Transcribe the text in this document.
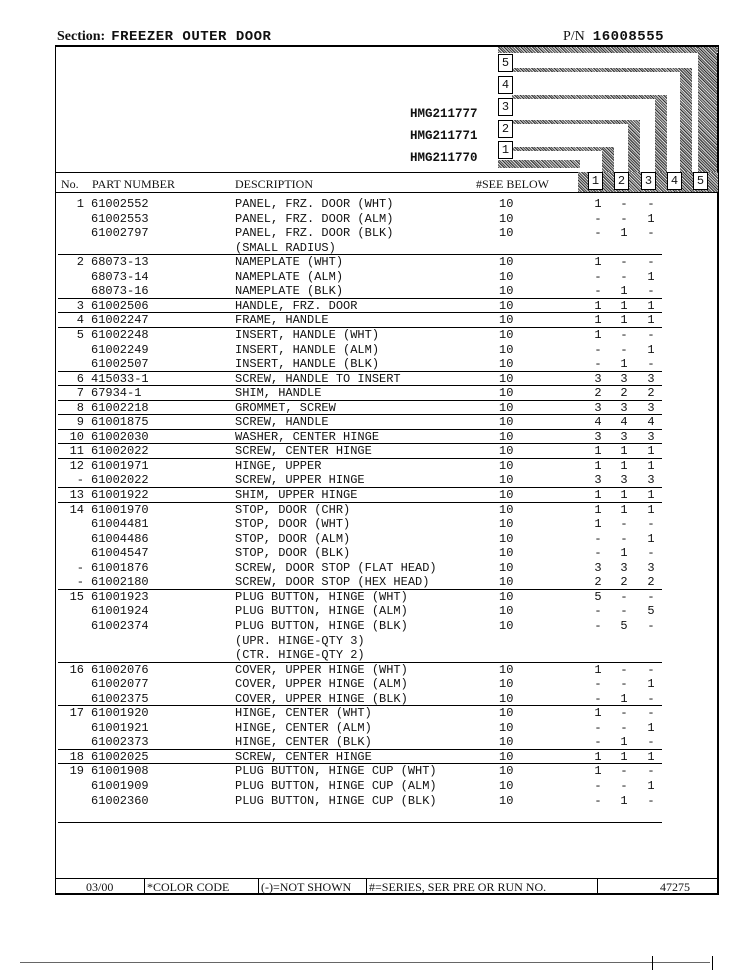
Section: FREEZER OUTER DOOR	P/N 16008555
5
4
3
2
1
HMG211777
HMG211771
HMG211770
No. PART NUMBER	DESCRIPTION	#SEE BELOW	1	2	3	4	5
1 61002552	PANEL, FRZ. DOOR (WHT)	10	1 - -
61002553	PANEL, FRZ. DOOR (ALM)	10	- - 1
61002797	PANEL, FRZ. DOOR (BLK)	10	- 1 -
(SMALL RADIUS)
2 68073-13	NAMEPLATE (WHT)	10	1 - -
68073-14	NAMEPLATE (ALM)	10	- - 1
68073-16	NAMEPLATE (BLK)	10	- 1 -
3 61002506	HANDLE, FRZ. DOOR	10	1 1 1
4 61002247	FRAME, HANDLE	10	1 1 1
5 61002248	INSERT, HANDLE (WHT)	10	1 - -
61002249	INSERT, HANDLE (ALM)	10	- - 1
61002507	INSERT, HANDLE (BLK)	10	- 1 -
6 415033-1	SCREW, HANDLE TO INSERT	10	3 3 3
7 67934-1	SHIM, HANDLE	10	2 2 2
8 61002218	GROMMET, SCREW	10	3 3 3
9 61001875	SCREW, HANDLE	10	4 4 4
10 61002030	WASHER, CENTER HINGE	10	3 3 3
11 61002022	SCREW, CENTER HINGE	10	1 1 1
12 61001971	HINGE, UPPER	10	1 1 1
- 61002022	SCREW, UPPER HINGE	10	3 3 3
13 61001922	SHIM, UPPER HINGE	10	1 1 1
14 61001970	STOP, DOOR (CHR)	10	1 1 1
61004481	STOP, DOOR (WHT)	10	1 - -
61004486	STOP, DOOR (ALM)	10	- - 1
61004547	STOP, DOOR (BLK)	10	- 1 -
- 61001876	SCREW, DOOR STOP (FLAT HEAD)	10	3 3 3
- 61002180	SCREW, DOOR STOP (HEX HEAD)	10	2 2 2
15 61001923	PLUG BUTTON, HINGE (WHT)	10	5 - -
61001924	PLUG BUTTON, HINGE (ALM)	10	- - 5
61002374	PLUG BUTTON, HINGE (BLK)	10	- 5 -
(UPR. HINGE-QTY 3)
(CTR. HINGE-QTY 2)
16 61002076	COVER, UPPER HINGE (WHT)	10	1 - -
61002077	COVER, UPPER HINGE (ALM)	10	- - 1
61002375	COVER, UPPER HINGE (BLK)	10	- 1 -
17 61001920	HINGE, CENTER (WHT)	10	1 - -
61001921	HINGE, CENTER (ALM)	10	- - 1
61002373	HINGE, CENTER (BLK)	10	- 1 -
18 61002025	SCREW, CENTER HINGE	10	1 1 1
19 61001908	PLUG BUTTON, HINGE CUP (WHT)	10	1 - -
61001909	PLUG BUTTON, HINGE CUP (ALM)	10	- - 1
61002360	PLUG BUTTON, HINGE CUP (BLK)	10	- 1 -
03/00	*COLOR CODE	(-)=NOT SHOWN #=SERIES, SER PRE OR RUN NO.	47275
